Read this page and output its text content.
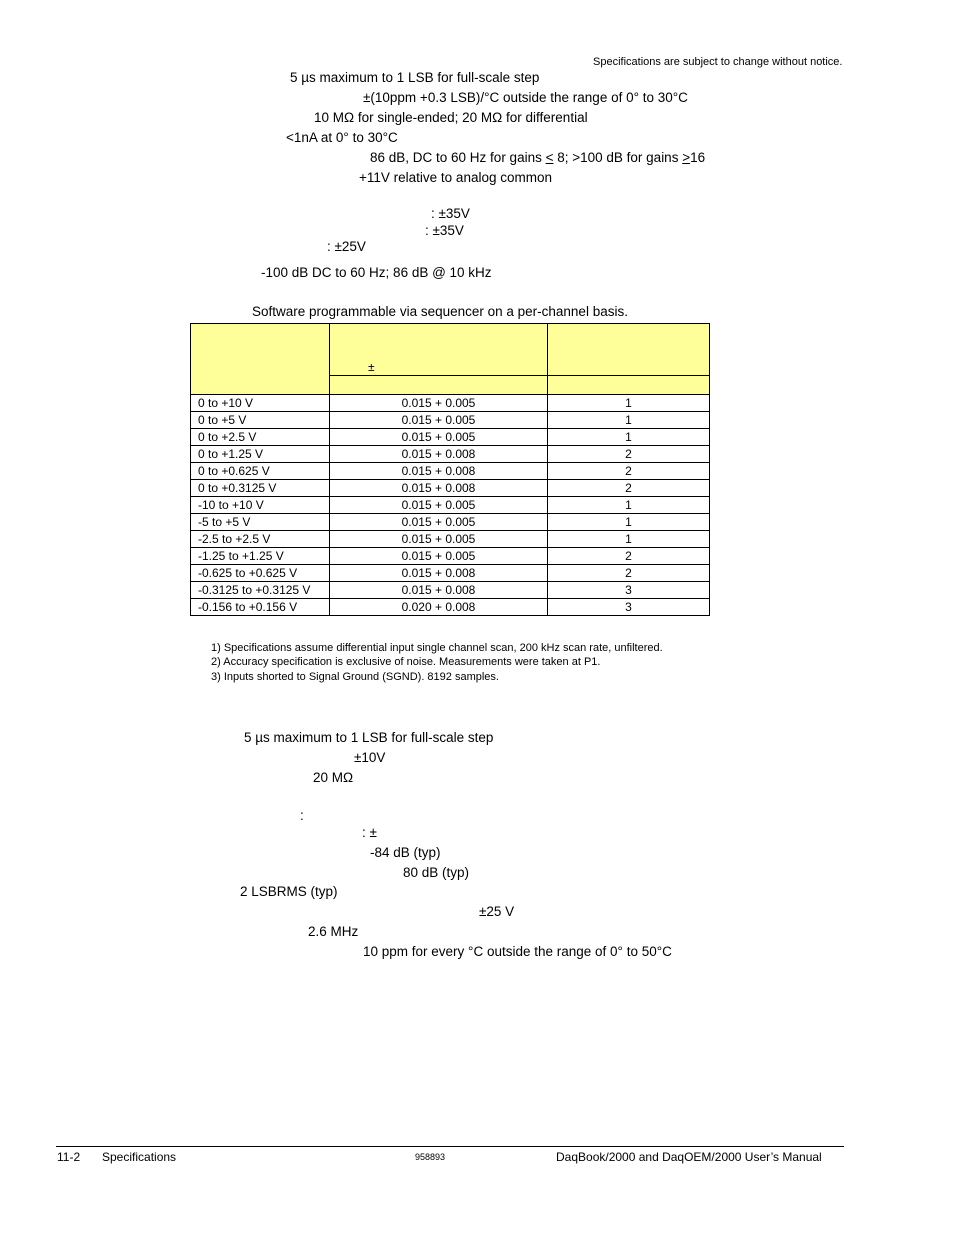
Specifications are subject to change without notice.
5 µs maximum to 1 LSB for full-scale step
±(10ppm +0.3 LSB)/°C outside the range of 0° to 30°C
10 MΩ for single-ended; 20 MΩ for differential
<1nA at 0° to 30°C
86 dB, DC to 60 Hz for gains < 8; >100 dB for gains >16
+11V relative to analog common
: ±35V
: ±35V
: ±25V
-100 dB DC to 60 Hz; 86 dB @ 10 kHz
Software programmable via sequencer on a per-channel basis.
	±	

0 to +10 V	0.015 + 0.005	1
0 to +5 V	0.015 + 0.005	1
0 to +2.5 V	0.015 + 0.005	1
0 to +1.25 V	0.015 + 0.008	2
0 to +0.625 V	0.015 + 0.008	2
0 to +0.3125 V	0.015 + 0.008	2
-10 to +10 V	0.015 + 0.005	1
-5 to +5 V	0.015 + 0.005	1
-2.5 to +2.5 V	0.015 + 0.005	1
-1.25 to +1.25 V	0.015 + 0.005	2
-0.625 to +0.625 V	0.015 + 0.008	2
-0.3125 to +0.3125 V	0.015 + 0.008	3
-0.156 to +0.156 V	0.020 + 0.008	3
1) Specifications assume differential input single channel scan, 200 kHz scan rate, unfiltered.
2) Accuracy specification is exclusive of noise. Measurements were taken at P1.
3) Inputs shorted to Signal Ground (SGND). 8192 samples.
5 µs maximum to 1 LSB for full-scale step
±10V
20 MΩ
:
: ±
-84 dB (typ)
80 dB (typ)
2 LSBRMS (typ)
±25 V
2.6 MHz
10 ppm for every °C outside the range of 0° to 50°C
11-2 Specifications	958893	DaqBook/2000 and DaqOEM/2000 User’s Manual
